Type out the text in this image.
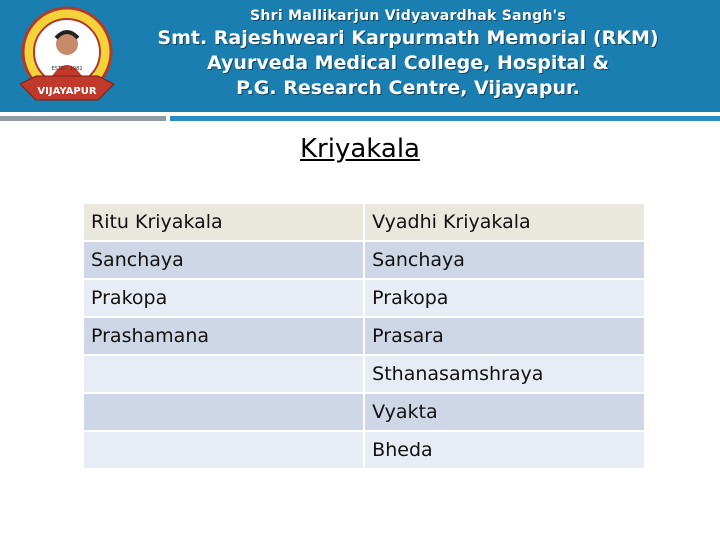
VIJAYAPUR
ESTD - 1982
Shri Mallikarjun Vidyavardhak Sangh's
Smt. Rajeshweari Karpurmath Memorial (RKM)
Ayurveda Medical College, Hospital &
P.G. Research Centre, Vijayapur.
Kriyakala
Ritu Kriyakala	Vyadhi Kriyakala
Sanchaya	Sanchaya
Prakopa	Prakopa
Prashamana	Prasara
	Sthanasamshraya
	Vyakta
	Bheda
